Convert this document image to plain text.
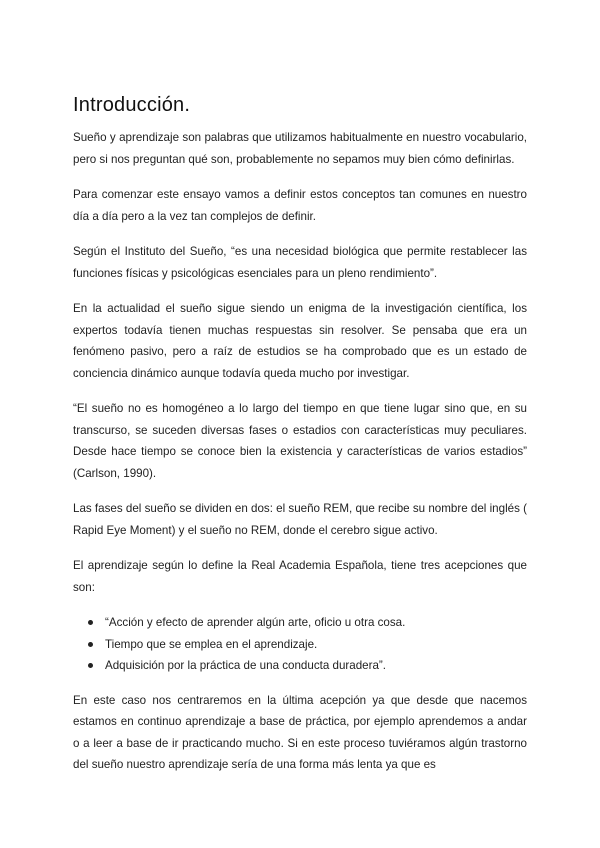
Introducción.

Sueño y aprendizaje son palabras que utilizamos habitualmente en nuestro vocabulario, pero si nos preguntan qué son, probablemente no sepamos muy bien cómo definirlas.

Para comenzar este ensayo vamos a definir estos conceptos tan comunes en nuestro día a día pero a la vez tan complejos de definir.

Según el Instituto del Sueño, “es una necesidad biológica que permite restablecer las funciones físicas y psicológicas esenciales para un pleno rendimiento”.

En la actualidad el sueño sigue siendo un enigma de la investigación científica, los expertos todavía tienen muchas respuestas sin resolver. Se pensaba que era un fenómeno pasivo, pero a raíz de estudios se ha comprobado que es un estado de conciencia dinámico aunque todavía queda mucho por investigar.

“El sueño no es homogéneo a lo largo del tiempo en que tiene lugar sino que, en su transcurso, se suceden diversas fases o estadios con características muy peculiares. Desde hace tiempo se conoce bien la existencia y características de varios estadios” (Carlson, 1990).

Las fases del sueño se dividen en dos: el sueño REM, que recibe su nombre del inglés ( Rapid Eye Moment) y el sueño no REM, donde el cerebro sigue activo.

El aprendizaje según lo define la Real Academia Española, tiene tres acepciones que son:

“Acción y efecto de aprender algún arte, oficio u otra cosa.
Tiempo que se emplea en el aprendizaje.
Adquisición por la práctica de una conducta duradera”.

En este caso nos centraremos en la última acepción ya que desde que nacemos estamos en continuo aprendizaje a base de práctica, por ejemplo aprendemos a andar o a leer a base de ir practicando mucho. Si en este proceso tuviéramos algún trastorno del sueño nuestro aprendizaje sería de una forma más lenta ya que es
